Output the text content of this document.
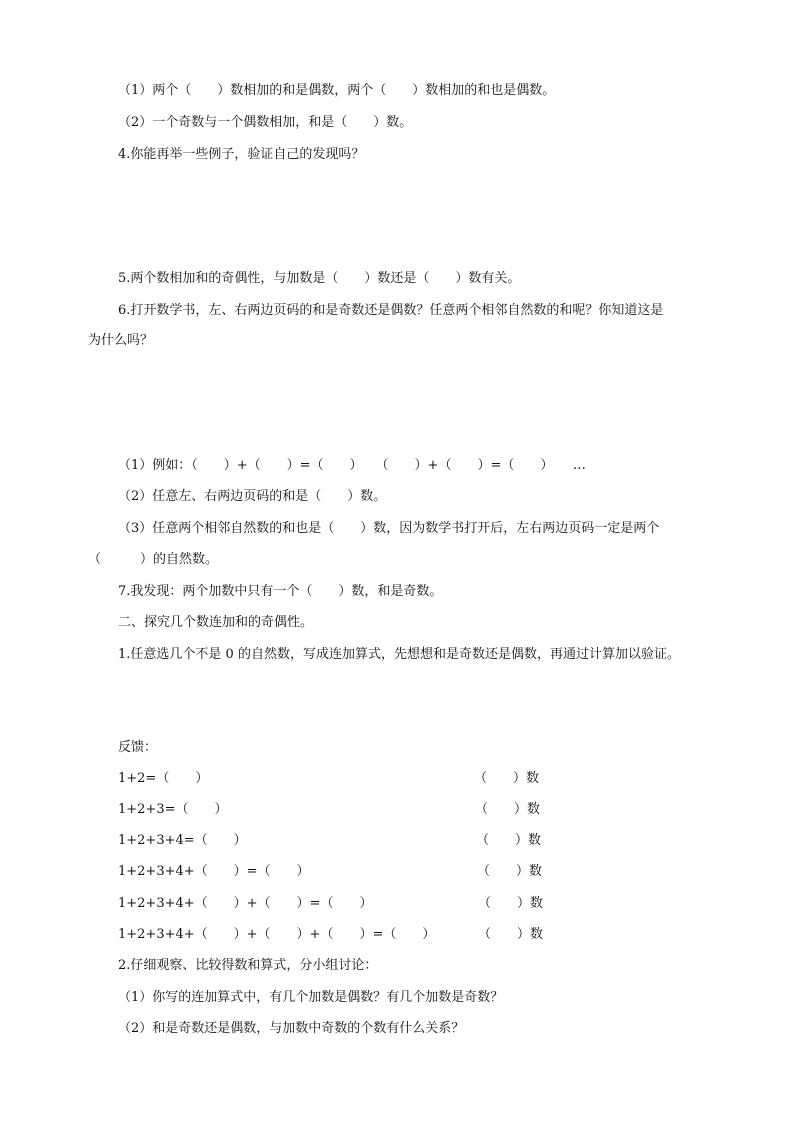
（1）两个（　　）数相加的和是偶数，两个（　　）数相加的和也是偶数。
（2）一个奇数与一个偶数相加，和是（　　）数。
4.你能再举一些例子，验证自己的发现吗？
5.两个数相加和的奇偶性，与加数是（　　）数还是（　　）数有关。
6.打开数学书，左、右两边页码的和是奇数还是偶数？任意两个相邻自然数的和呢？你知道这是
为什么吗？
（1）例如：（　　）+（　　）=（　　）　　（　　）+（　　）=（　　）　　…
（2）任意左、右两边页码的和是（　　）数。
（3）任意两个相邻自然数的和也是（　　）数，因为数学书打开后，左右两边页码一定是两个
（　　　）的自然数。
7.我发现：两个加数中只有一个（　　）数，和是奇数。
二、探究几个数连加和的奇偶性。
1.任意选几个不是 0 的自然数，写成连加算式，先想想和是奇数还是偶数，再通过计算加以验证。
反馈：
1+2=（　　）	（　　）数
1+2+3=（　　）	（　　）数
1+2+3+4=（　　）	（　　）数
1+2+3+4+（　　）=（　　）	（　　）数
1+2+3+4+（　　）+（　　）=（　　）	（　　）数
1+2+3+4+（　　）+（　　）+（　　）=（　　）	（　　）数
2.仔细观察、比较得数和算式，分小组讨论：
（1）你写的连加算式中，有几个加数是偶数？有几个加数是奇数？
（2）和是奇数还是偶数，与加数中奇数的个数有什么关系？
